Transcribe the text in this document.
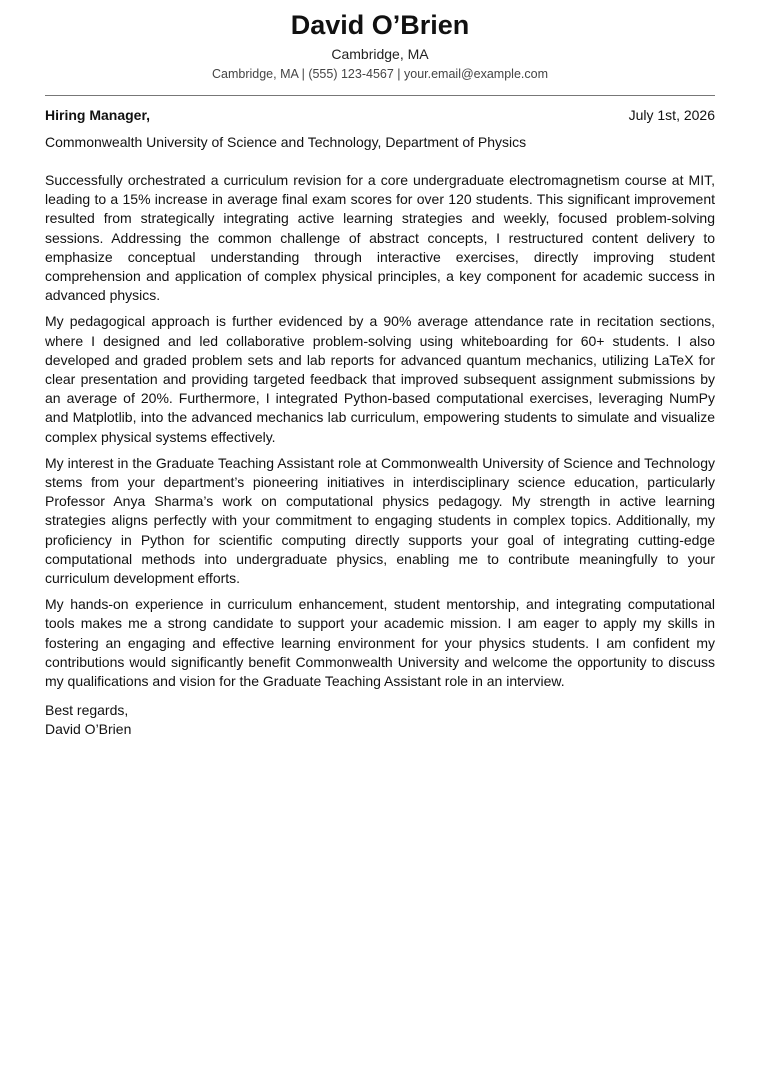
David O’Brien
Cambridge, MA
Cambridge, MA | (555) 123-4567 | your.email@example.com
Hiring Manager,	July 1st, 2026
Commonwealth University of Science and Technology, Department of Physics

Successfully orchestrated a curriculum revision for a core undergraduate electromagnetism course at MIT, leading to a 15% increase in average final exam scores for over 120 students. This significant improvement resulted from strategically integrating active learning strategies and weekly, focused problem-solving sessions. Addressing the common challenge of abstract concepts, I restructured content delivery to emphasize conceptual understanding through interactive exercises, directly improving student comprehension and application of complex physical principles, a key component for academic success in advanced physics.

My pedagogical approach is further evidenced by a 90% average attendance rate in recitation sections, where I designed and led collaborative problem-solving using whiteboarding for 60+ students. I also developed and graded problem sets and lab reports for advanced quantum mechanics, utilizing LaTeX for clear presentation and providing targeted feedback that improved subsequent assignment submissions by an average of 20%. Furthermore, I integrated Python-based computational exercises, leveraging NumPy and Matplotlib, into the advanced mechanics lab curriculum, empowering students to simulate and visualize complex physical systems effectively.

My interest in the Graduate Teaching Assistant role at Commonwealth University of Science and Technology stems from your department’s pioneering initiatives in interdisciplinary science education, particularly Professor Anya Sharma’s work on computational physics pedagogy. My strength in active learning strategies aligns perfectly with your commitment to engaging students in complex topics. Additionally, my proficiency in Python for scientific computing directly supports your goal of integrating cutting-edge computational methods into undergraduate physics, enabling me to contribute meaningfully to your curriculum development efforts.

My hands-on experience in curriculum enhancement, student mentorship, and integrating computational tools makes me a strong candidate to support your academic mission. I am eager to apply my skills in fostering an engaging and effective learning environment for your physics students. I am confident my contributions would significantly benefit Commonwealth University and welcome the opportunity to discuss my qualifications and vision for the Graduate Teaching Assistant role in an interview.

Best regards,
David O’Brien
